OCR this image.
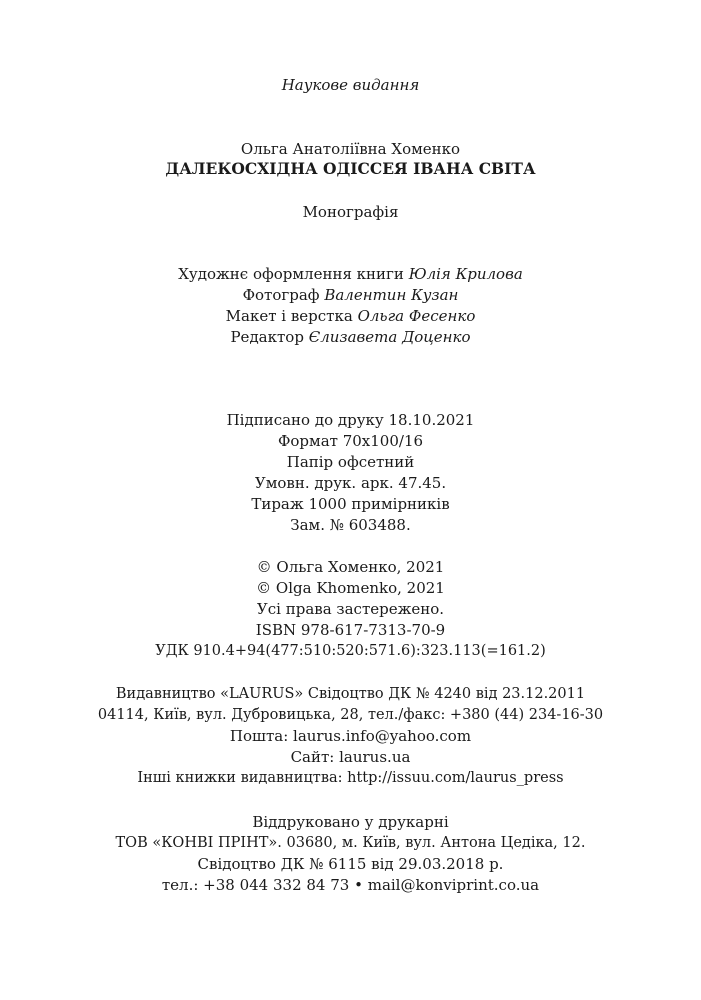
Наукове видання

Ольга Анатоліївна Хоменко

ДАЛЕКОСХІДНА ОДІССЕЯ ІВАНА СВІТА

Монографія

Художнє оформлення книги Юлія Крилова

Фотограф Валентин Кузан

Макет і верстка Ольга Фесенко

Редактор Єлизавета Доценко

Підписано до друку 18.10.2021

Формат 70х100/16

Папір офсетний

Умовн. друк. арк. 47.45.

Тираж 1000 примірників

Зам. № 603488.

© Ольга Хоменко, 2021

© Olga Khomenko, 2021

Усі права застережено.

ISBN 978-617-7313-70-9

УДК 910.4+94(477:510:520:571.6):323.113(=161.2)

Видавництво «LAURUS» Свідоцтво ДК № 4240 від 23.12.2011

04114, Київ, вул. Дубровицька, 28, тел./факс: +380 (44) 234-16-30

Пошта: laurus.info@yahoo.com

Сайт: laurus.ua

Інші книжки видавництва: http://issuu.com/laurus_press

Віддруковано у друкарні

ТОВ «КОНВІ ПРІНТ». 03680, м. Київ, вул. Антона Цедіка, 12.

Свідоцтво ДК № 6115 від 29.03.2018 р.

тел.: +38 044 332 84 73 • mail@konviprint.co.ua
